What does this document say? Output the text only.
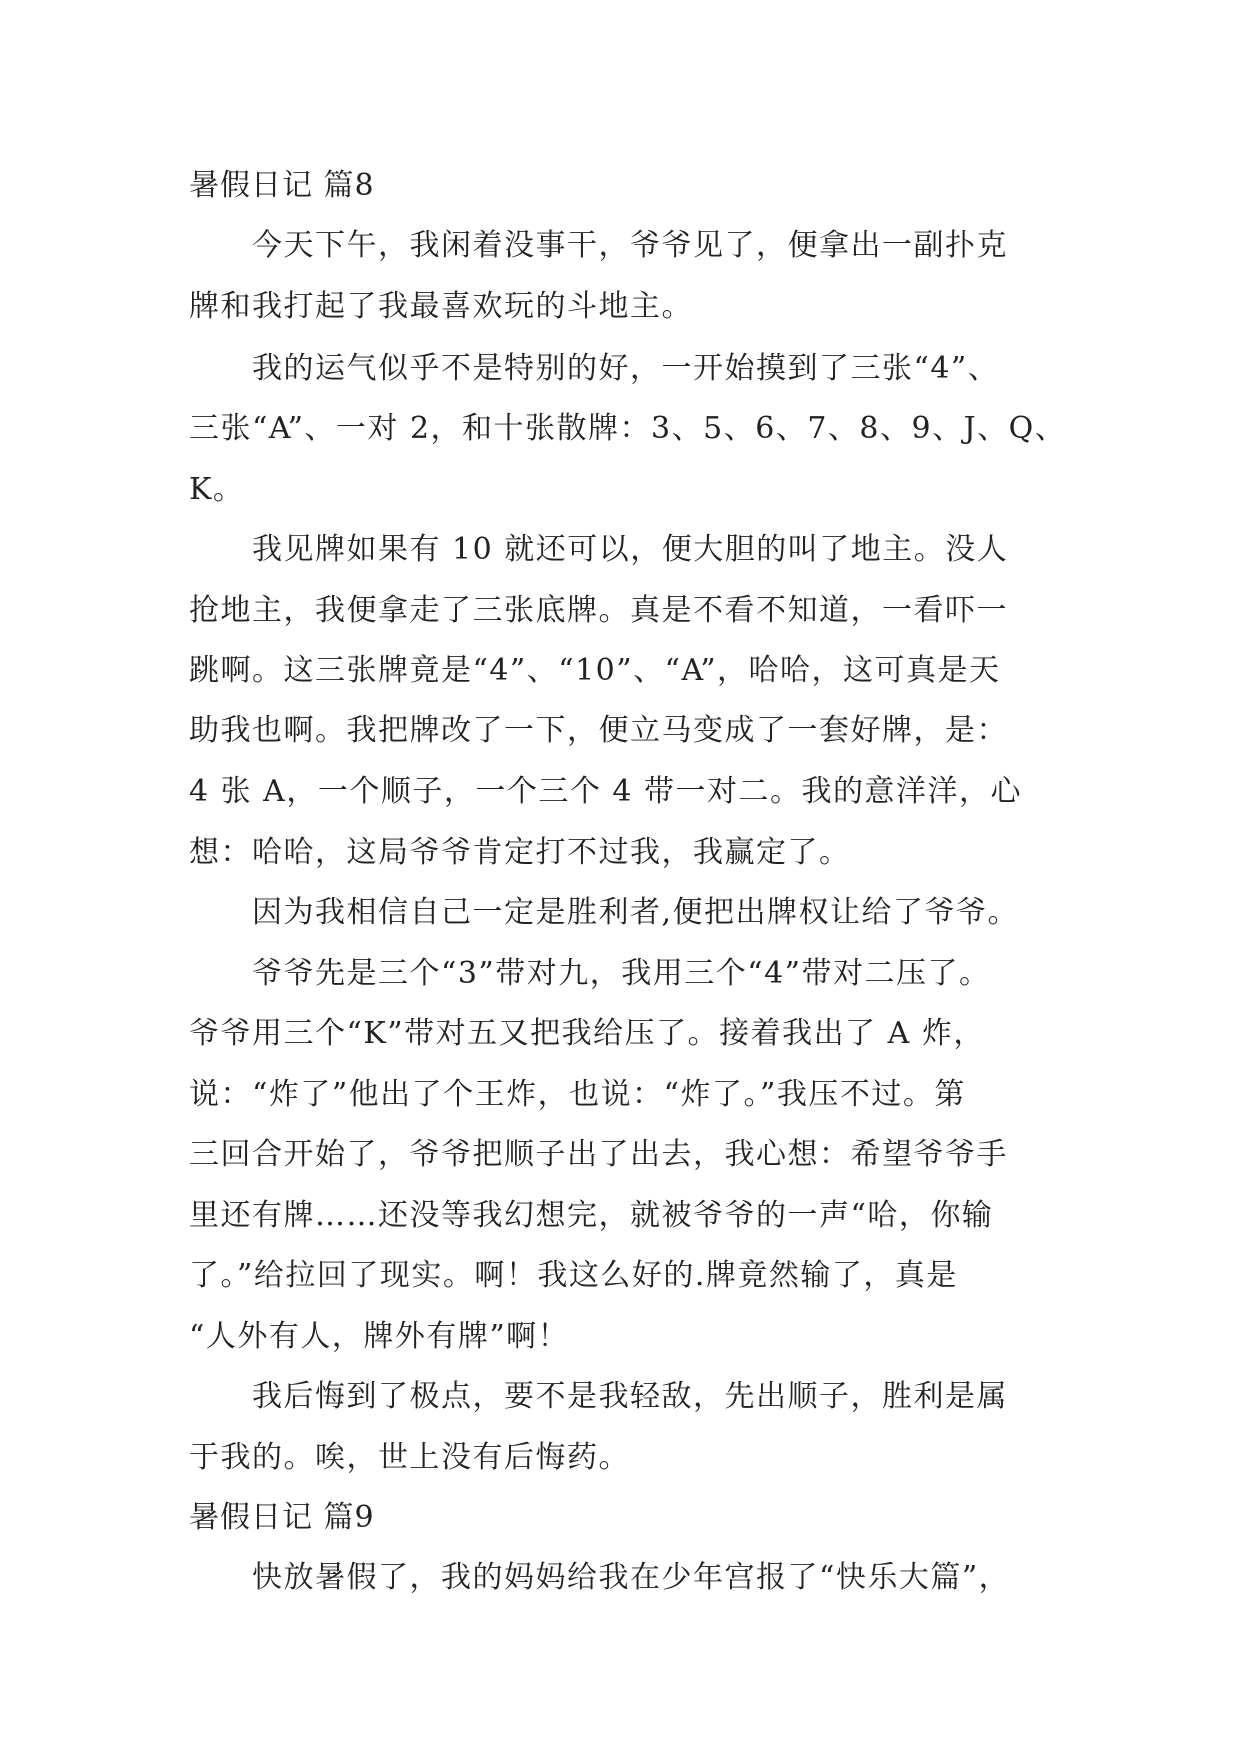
暑假日记 篇8
今天下午，我闲着没事干，爷爷见了，便拿出一副扑克
牌和我打起了我最喜欢玩的斗地主。
我的运气似乎不是特别的好，一开始摸到了三张“4”、
三张“A”、一对 2，和十张散牌：3、5、6、7、8、9、J、Q、
K。
我见牌如果有 10 就还可以，便大胆的叫了地主。没人
抢地主，我便拿走了三张底牌。真是不看不知道，一看吓一
跳啊。这三张牌竟是“4”、“10”、“A”，哈哈，这可真是天
助我也啊。我把牌改了一下，便立马变成了一套好牌，是：
4 张 A，一个顺子，一个三个 4 带一对二。我的意洋洋，心
想：哈哈，这局爷爷肯定打不过我，我赢定了。
因为我相信自己一定是胜利者,便把出牌权让给了爷爷。
爷爷先是三个“3”带对九，我用三个“4”带对二压了。
爷爷用三个“K”带对五又把我给压了。接着我出了 A 炸，
说：“炸了”他出了个王炸，也说：“炸了。”我压不过。第
三回合开始了，爷爷把顺子出了出去，我心想：希望爷爷手
里还有牌……还没等我幻想完，就被爷爷的一声“哈，你输
了。”给拉回了现实。啊！我这么好的.牌竟然输了，真是
“人外有人，牌外有牌”啊！
我后悔到了极点，要不是我轻敌，先出顺子，胜利是属
于我的。唉，世上没有后悔药。
暑假日记 篇9
快放暑假了，我的妈妈给我在少年宫报了“快乐大篇”，
